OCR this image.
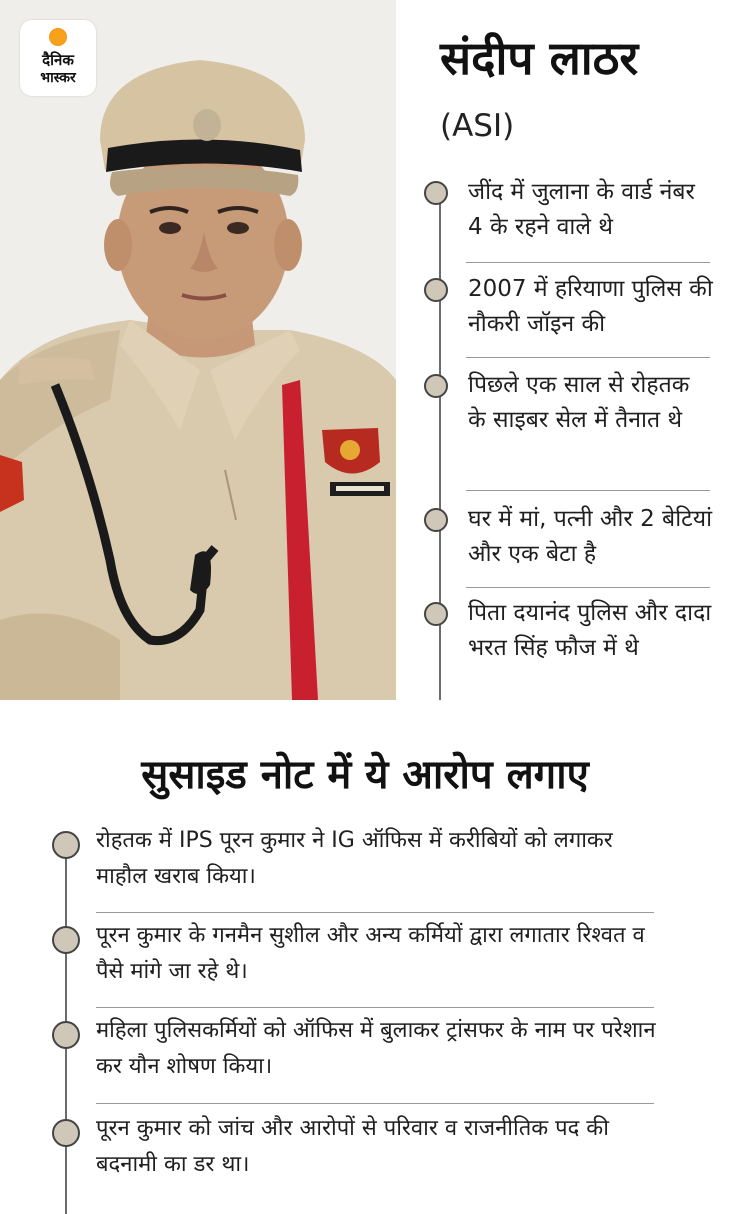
दैनिक
भास्कर	संदीप लाठर
(ASI)
जींद में जुलाना के वार्ड नंबर 4 के रहने वाले थे
2007 में हरियाणा पुलिस की नौकरी जॉइन की
पिछले एक साल से रोहतक के साइबर सेल में तैनात थे
घर में मां, पत्नी और 2 बेटियां और एक बेटा है
पिता दयानंद पुलिस और दादा भरत सिंह फौज में थे
सुसाइड नोट में ये आरोप लगाए
रोहतक में IPS पूरन कुमार ने IG ऑफिस में करीबियों को लगाकर माहौल खराब किया।
पूरन कुमार के गनमैन सुशील और अन्य कर्मियों द्वारा लगातार रिश्वत व पैसे मांगे जा रहे थे।
महिला पुलिसकर्मियों को ऑफिस में बुलाकर ट्रांसफर के नाम पर परेशान कर यौन शोषण किया।
पूरन कुमार को जांच और आरोपों से परिवार व राजनीतिक पद की बदनामी का डर था।
